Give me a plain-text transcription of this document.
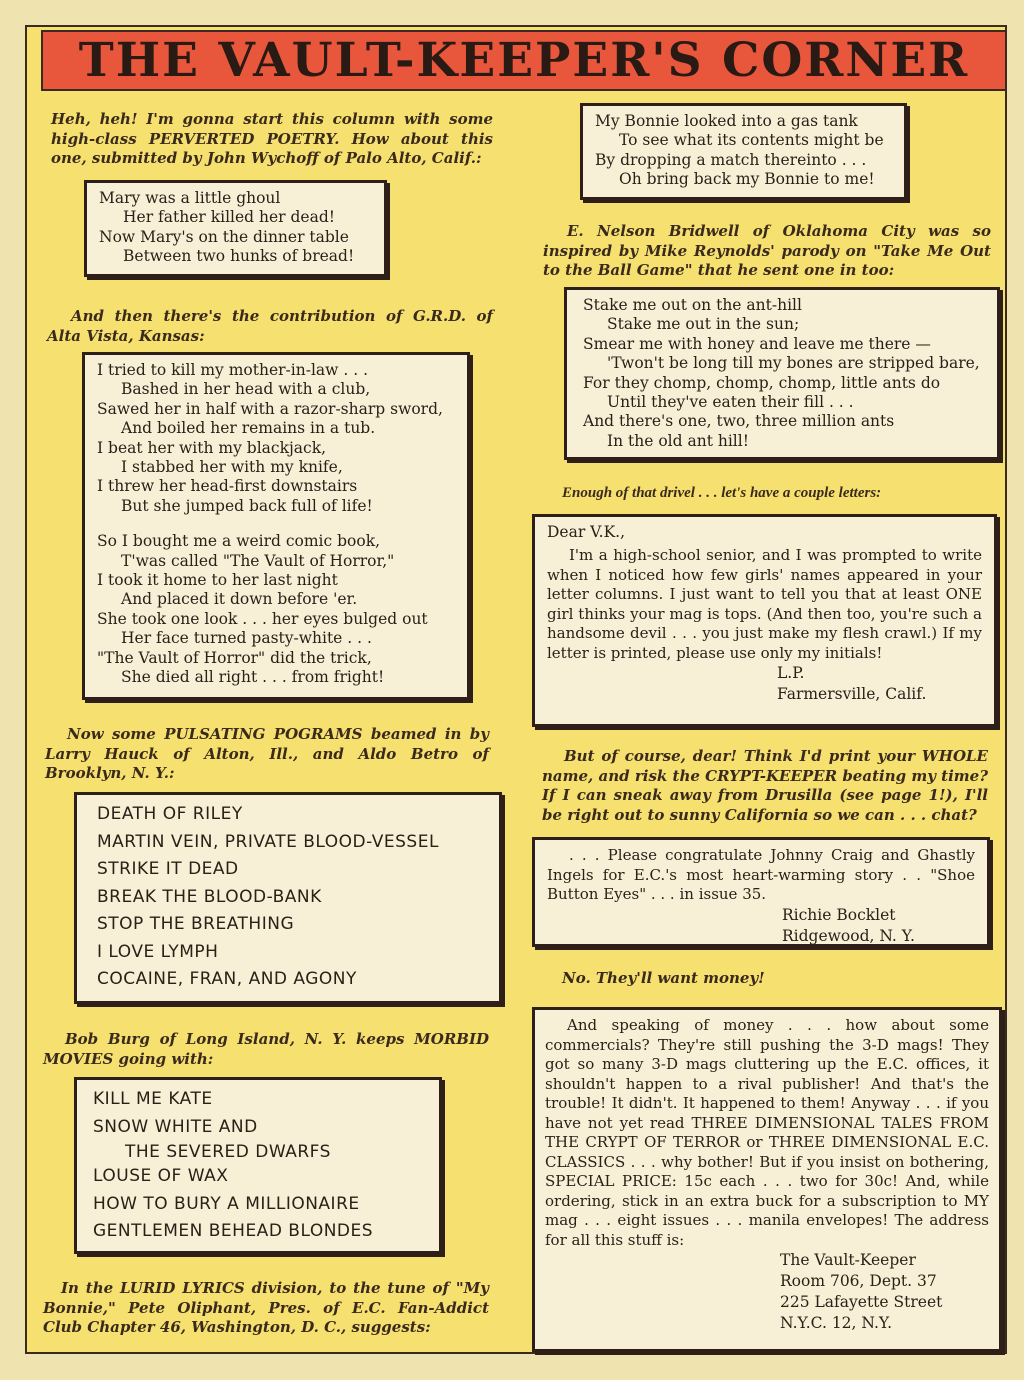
THE VAULT-KEEPER'S CORNER
Heh, heh! I'm gonna start this column with some high-class PERVERTED POETRY. How about this one, submitted by John Wychoff of Palo Alto, Calif.:
Mary was a little ghoul
Her father killed her dead!
Now Mary's on the dinner table
Between two hunks of bread!
And then there's the contribution of G.R.D. of Alta Vista, Kansas:
I tried to kill my mother-in-law . . .
Bashed in her head with a club,
Sawed her in half with a razor-sharp sword,
And boiled her remains in a tub.
I beat her with my blackjack,
I stabbed her with my knife,
I threw her head-first downstairs
But she jumped back full of life!
So I bought me a weird comic book,
T'was called "The Vault of Horror,"
I took it home to her last night
And placed it down before 'er.
She took one look . . . her eyes bulged out
Her face turned pasty-white . . .
"The Vault of Horror" did the trick,
She died all right . . . from fright!
Now some PULSATING POGRAMS beamed in by Larry Hauck of Alton, Ill., and Aldo Betro of Brooklyn, N. Y.:
DEATH OF RILEY
MARTIN VEIN, PRIVATE BLOOD-VESSEL
STRIKE IT DEAD
BREAK THE BLOOD-BANK
STOP THE BREATHING
I LOVE LYMPH
COCAINE, FRAN, AND AGONY
Bob Burg of Long Island, N. Y. keeps MORBID MOVIES going with:
KILL ME KATE
SNOW WHITE AND
THE SEVERED DWARFS
LOUSE OF WAX
HOW TO BURY A MILLIONAIRE
GENTLEMEN BEHEAD BLONDES
In the LURID LYRICS division, to the tune of "My Bonnie," Pete Oliphant, Pres. of E.C. Fan-Addict Club Chapter 46, Washington, D. C., suggests:
My Bonnie looked into a gas tank
To see what its contents might be
By dropping a match thereinto . . .
Oh bring back my Bonnie to me!
E. Nelson Bridwell of Oklahoma City was so inspired by Mike Reynolds' parody on "Take Me Out to the Ball Game" that he sent one in too:
Stake me out on the ant-hill
Stake me out in the sun;
Smear me with honey and leave me there —
'Twon't be long till my bones are stripped bare,
For they chomp, chomp, chomp, little ants do
Until they've eaten their fill . . .
And there's one, two, three million ants
In the old ant hill!
Enough of that drivel . . . let's have a couple letters:
Dear V.K.,
I'm a high-school senior, and I was prompted to write when I noticed how few girls' names appeared in your letter columns. I just want to tell you that at least ONE girl thinks your mag is tops. (And then too, you're such a handsome devil . . . you just make my flesh crawl.) If my letter is printed, please use only my initials!
L.P.
Farmersville, Calif.
But of course, dear! Think I'd print your WHOLE name, and risk the CRYPT-KEEPER beating my time? If I can sneak away from Drusilla (see page 1!), I'll be right out to sunny California so we can . . . chat?
. . . Please congratulate Johnny Craig and Ghastly Ingels for E.C.'s most heart-warming story . . "Shoe Button Eyes" . . . in issue 35.
Richie Bocklet
Ridgewood, N. Y.
No. They'll want money!
And speaking of money . . . how about some commercials? They're still pushing the 3-D mags! They got so many 3-D mags cluttering up the E.C. offices, it shouldn't happen to a rival publisher! And that's the trouble! It didn't. It happened to them! Anyway . . . if you have not yet read THREE DIMENSIONAL TALES FROM THE CRYPT OF TERROR or THREE DIMENSIONAL E.C. CLASSICS . . . why bother! But if you insist on bothering, SPECIAL PRICE: 15c each . . . two for 30c! And, while ordering, stick in an extra buck for a subscription to MY mag . . . eight issues . . . manila envelopes! The address for all this stuff is:
The Vault-Keeper
Room 706, Dept. 37
225 Lafayette Street
N.Y.C. 12, N.Y.
